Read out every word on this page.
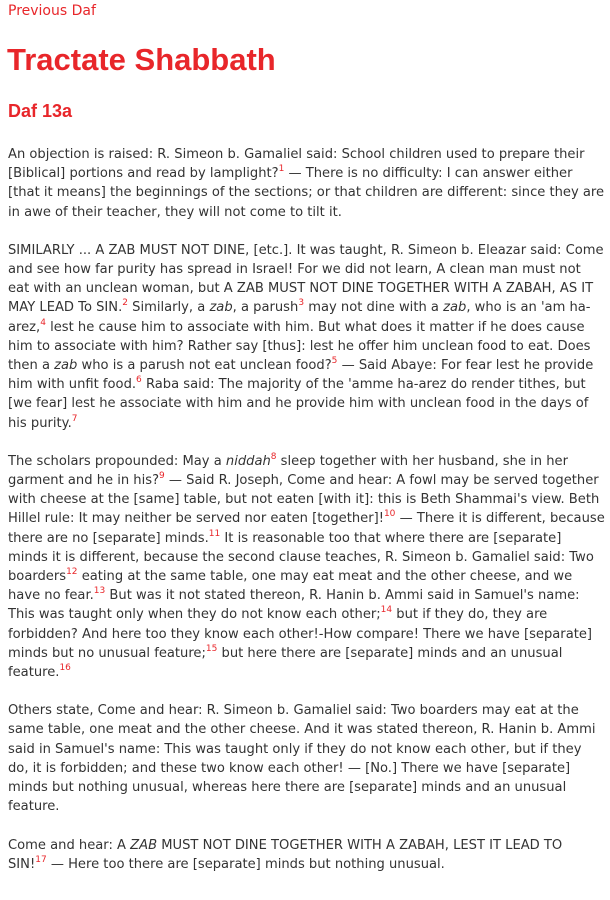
Previous Daf
Tractate Shabbath
Daf 13a

An objection is raised: R. Simeon b. Gamaliel said: School children used to prepare their [Biblical] portions and read by lamplight?$^1$ — There is no difficulty: I can answer either [that it means] the beginnings of the sections; or that children are different: since they are in awe of their teacher, they will not come to tilt it.

SIMILARLY ... A ZAB MUST NOT DINE, [etc.]. It was taught, R. Simeon b. Eleazar said: Come and see how far purity has spread in Israel! For we did not learn, A clean man must not eat with an unclean woman, but A ZAB MUST NOT DINE TOGETHER WITH A ZABAH, AS IT MAY LEAD To SIN.$^2$ Similarly, a zab, a parush$^3$ may not dine with a zab, who is an 'am ha-arez,$^4$ lest he cause him to associate with him. But what does it matter if he does cause him to associate with him? Rather say [thus]: lest he offer him unclean food to eat. Does then a zab who is a parush not eat unclean food?$^5$ — Said Abaye: For fear lest he provide him with unfit food.$^6$ Raba said: The majority of the 'amme ha-arez do render tithes, but [we fear] lest he associate with him and he provide him with unclean food in the days of his purity.$^7$

The scholars propounded: May a niddah$^8$ sleep together with her husband, she in her garment and he in his?$^9$ — Said R. Joseph, Come and hear: A fowl may be served together with cheese at the [same] table, but not eaten [with it]: this is Beth Shammai's view. Beth Hillel rule: It may neither be served nor eaten [together]!$^{10}$ — There it is different, because there are no [separate] minds.$^{11}$ It is reasonable too that where there are [separate] minds it is different, because the second clause teaches, R. Simeon b. Gamaliel said: Two boarders$^{12}$ eating at the same table, one may eat meat and the other cheese, and we have no fear.$^{13}$ But was it not stated thereon, R. Hanin b. Ammi said in Samuel's name: This was taught only when they do not know each other;$^{14}$ but if they do, they are forbidden? And here too they know each other!-How compare! There we have [separate] minds but no unusual feature;$^{15}$ but here there are [separate] minds and an unusual feature.$^{16}$

Others state, Come and hear: R. Simeon b. Gamaliel said: Two boarders may eat at the same table, one meat and the other cheese. And it was stated thereon, R. Hanin b. Ammi said in Samuel's name: This was taught only if they do not know each other, but if they do, it is forbidden; and these two know each other! — [No.] There we have [separate] minds but nothing unusual, whereas here there are [separate] minds and an unusual feature.

Come and hear: A ZAB MUST NOT DINE TOGETHER WITH A ZABAH, LEST IT LEAD TO SIN!$^{17}$ — Here too there are [separate] minds but nothing unusual.
